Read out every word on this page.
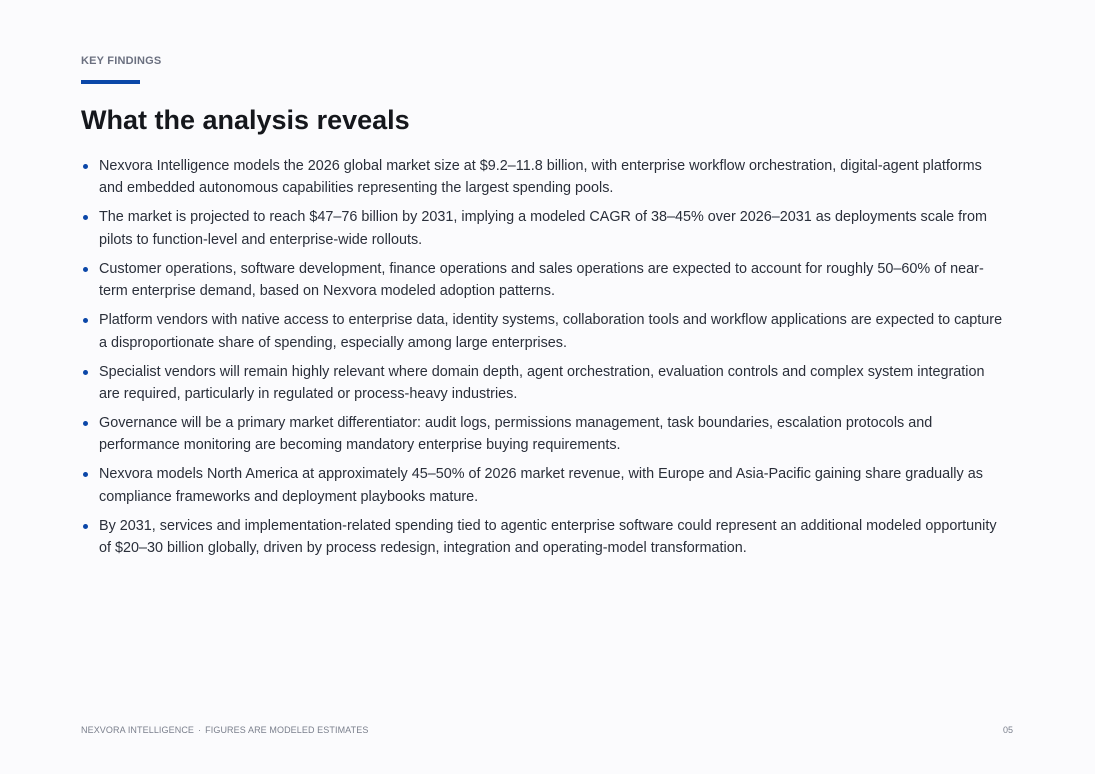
KEY FINDINGS
What the analysis reveals
Nexvora Intelligence models the 2026 global market size at $9.2–11.8 billion, with enterprise workflow orchestration, digital-agent platforms and embedded autonomous capabilities representing the largest spending pools.
The market is projected to reach $47–76 billion by 2031, implying a modeled CAGR of 38–45% over 2026–2031 as deployments scale from pilots to function-level and enterprise-wide rollouts.
Customer operations, software development, finance operations and sales operations are expected to account for roughly 50–60% of near-term enterprise demand, based on Nexvora modeled adoption patterns.
Platform vendors with native access to enterprise data, identity systems, collaboration tools and workflow applications are expected to capture a disproportionate share of spending, especially among large enterprises.
Specialist vendors will remain highly relevant where domain depth, agent orchestration, evaluation controls and complex system integration are required, particularly in regulated or process-heavy industries.
Governance will be a primary market differentiator: audit logs, permissions management, task boundaries, escalation protocols and performance monitoring are becoming mandatory enterprise buying requirements.
Nexvora models North America at approximately 45–50% of 2026 market revenue, with Europe and Asia-Pacific gaining share gradually as compliance frameworks and deployment playbooks mature.
By 2031, services and implementation-related spending tied to agentic enterprise software could represent an additional modeled opportunity of $20–30 billion globally, driven by process redesign, integration and operating-model transformation.
NEXVORA INTELLIGENCE · FIGURES ARE MODELED ESTIMATES	05
